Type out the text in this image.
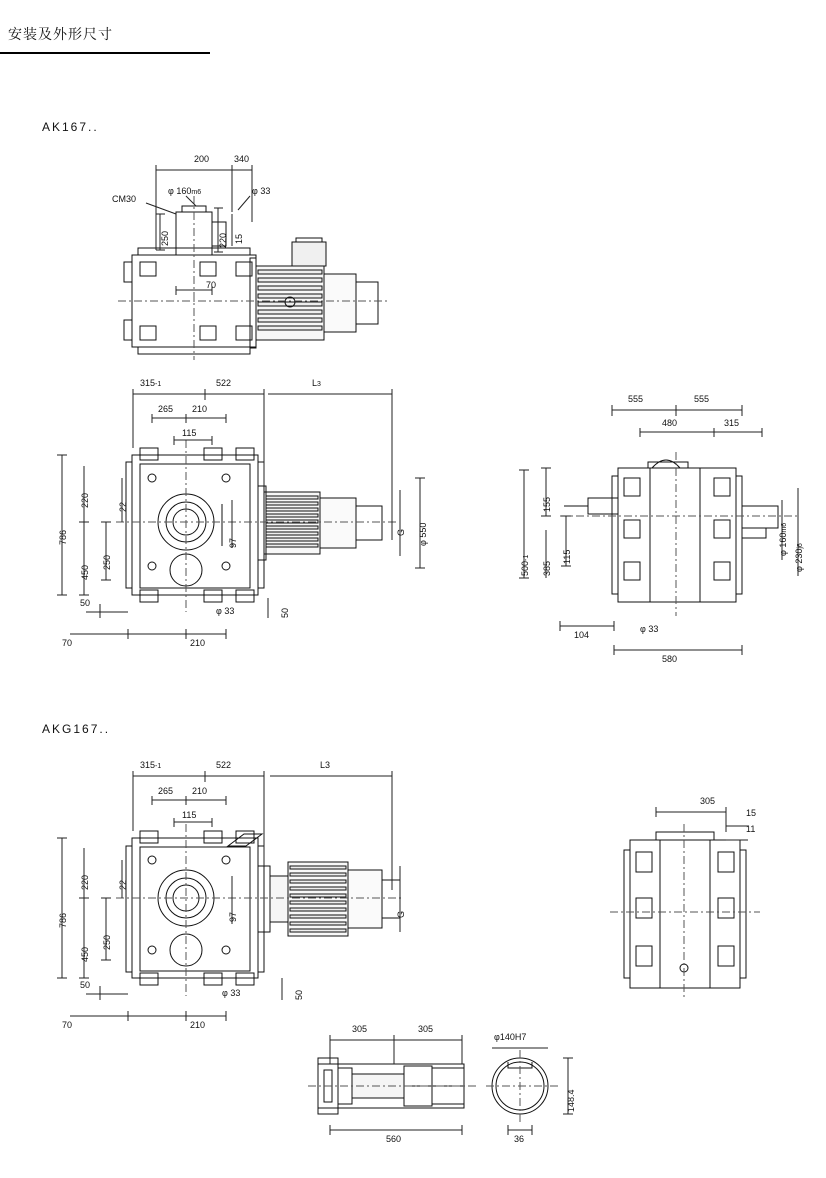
安装及外形尺寸
AK167..
200	340
CM30
φ 160m6	φ 33
250	220 15
70
315-1	522	L3
265 210
115
786
220
450
250
22
97
G φ 550
50
φ 33	50
70	210
555	555
480	315
155
500-1
385
115
104
φ 33
580
φ 160m6
φ 230j6
AKG167..
315-1	522	L3
265 210
115
786
220
450
250
22
97	G
50
φ 33	50
70	210
305
15
11
305	305
560
φ140H7
148.4
36
